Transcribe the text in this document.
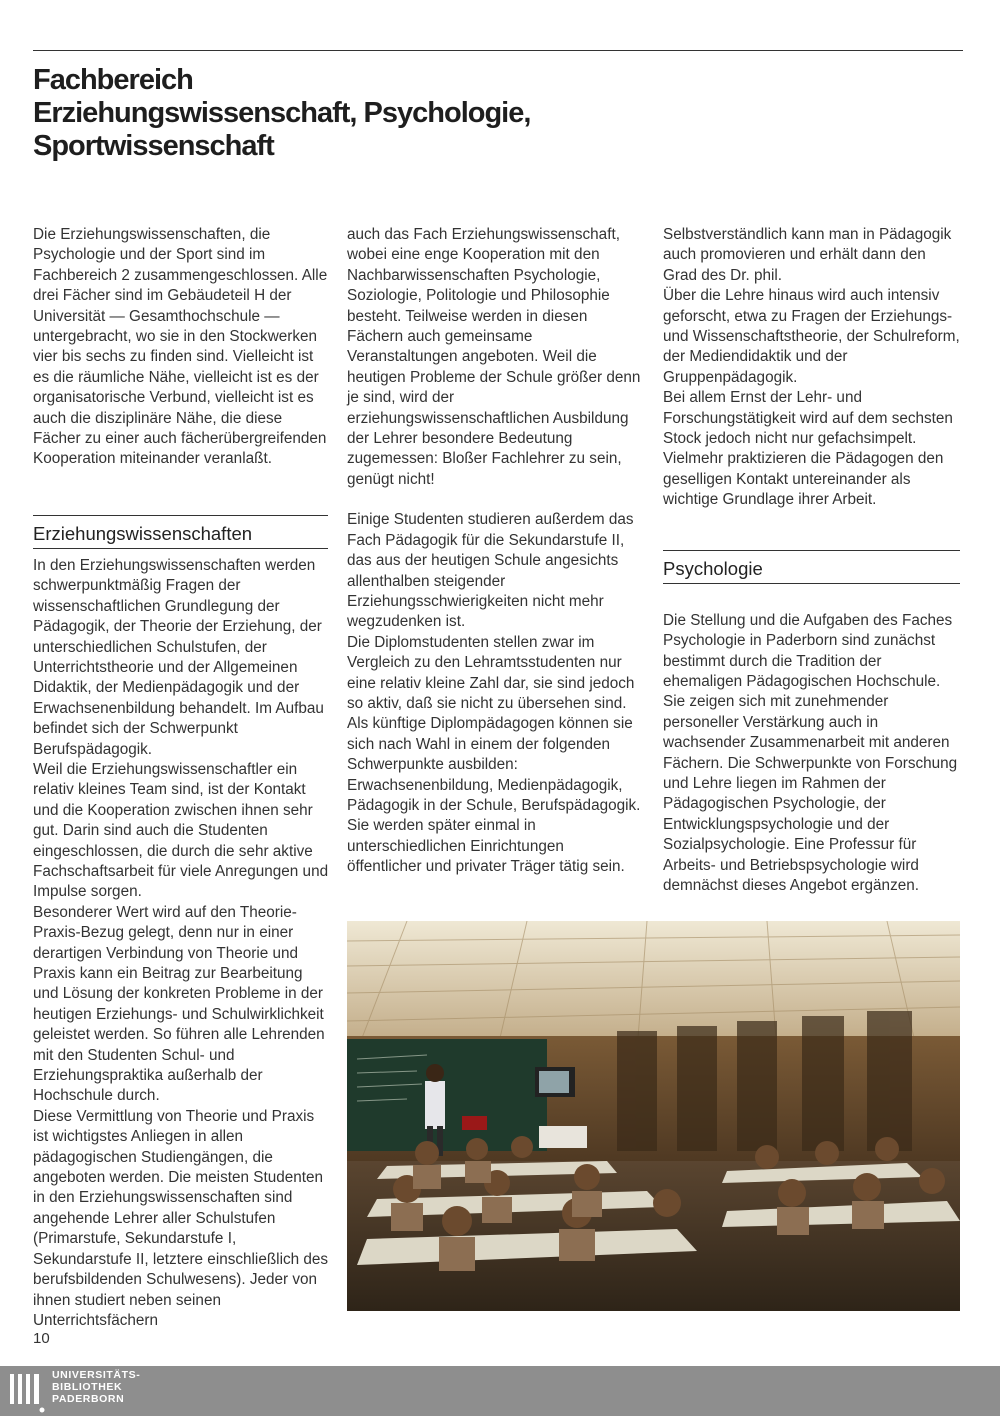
Fachbereich
Erziehungswissenschaft, Psychologie,
Sportwissenschaft

Die Erziehungswissenschaften, die Psychologie und der Sport sind im Fachbereich 2 zusammengeschlossen. Alle drei Fächer sind im Gebäudeteil H der Universität — Gesamthochschule — untergebracht, wo sie in den Stockwerken vier bis sechs zu finden sind. Vielleicht ist es die räumliche Nähe, vielleicht ist es der organisatorische Verbund, vielleicht ist es auch die disziplinäre Nähe, die diese Fächer zu einer auch fächerübergreifenden Kooperation miteinander veranlaßt.

In den Erziehungswissenschaften werden schwerpunktmäßig Fragen der wissenschaftlichen Grundlegung der Pädagogik, der Theorie der Erziehung, der unterschiedlichen Schulstufen, der Unterrichtstheorie und der Allgemeinen Didaktik, der Medienpädagogik und der Erwachsenenbildung behandelt. Im Aufbau befindet sich der Schwerpunkt Berufspädagogik.

Weil die Erziehungswissenschaftler ein relativ kleines Team sind, ist der Kontakt und die Kooperation zwischen ihnen sehr gut. Darin sind auch die Studenten eingeschlossen, die durch die sehr aktive Fachschaftsarbeit für viele Anregungen und Impulse sorgen.

Besonderer Wert wird auf den Theorie-Praxis-Bezug gelegt, denn nur in einer derartigen Verbindung von Theorie und Praxis kann ein Beitrag zur Bearbeitung und Lösung der konkreten Probleme in der heutigen Erziehungs- und Schulwirklichkeit geleistet werden. So führen alle Lehrenden mit den Studenten Schul- und Erziehungspraktika außerhalb der Hochschule durch.

Diese Vermittlung von Theorie und Praxis ist wichtigstes Anliegen in allen pädagogischen Studiengängen, die angeboten werden. Die meisten Studenten in den Erziehungswissenschaften sind angehende Lehrer aller Schulstufen (Primarstufe, Sekundarstufe I, Sekundarstufe II, letztere einschließlich des berufsbildenden Schulwesens). Jeder von ihnen studiert neben seinen Unterrichtsfächern

Erziehungswissenschaften

auch das Fach Erziehungswissenschaft, wobei eine enge Kooperation mit den Nachbarwissenschaften Psychologie, Soziologie, Politologie und Philosophie besteht. Teilweise werden in diesen Fächern auch gemeinsame Veranstaltungen angeboten. Weil die heutigen Probleme der Schule größer denn je sind, wird der erziehungswissenschaftlichen Ausbildung der Lehrer besondere Bedeutung zugemessen: Bloßer Fachlehrer zu sein, genügt nicht!

Einige Studenten studieren außerdem das Fach Pädagogik für die Sekundarstufe II, das aus der heutigen Schule angesichts allenthalben steigender Erziehungsschwierigkeiten nicht mehr wegzudenken ist.

Die Diplomstudenten stellen zwar im Vergleich zu den Lehramtsstudenten nur eine relativ kleine Zahl dar, sie sind jedoch so aktiv, daß sie nicht zu übersehen sind. Als künftige Diplompädagogen können sie sich nach Wahl in einem der folgenden Schwerpunkte ausbilden: Erwachsenenbildung, Medienpädagogik, Pädagogik in der Schule, Berufspädagogik. Sie werden später einmal in unterschiedlichen Einrichtungen öffentlicher und privater Träger tätig sein.

Selbstverständlich kann man in Pädagogik auch promovieren und erhält dann den Grad des Dr. phil.

Über die Lehre hinaus wird auch intensiv geforscht, etwa zu Fragen der Erziehungs- und Wissenschaftstheorie, der Schulreform, der Mediendidaktik und der Gruppenpädagogik.

Bei allem Ernst der Lehr- und Forschungstätigkeit wird auf dem sechsten Stock jedoch nicht nur gefachsimpelt. Vielmehr praktizieren die Pädagogen den geselligen Kontakt untereinander als wichtige Grundlage ihrer Arbeit.

Die Stellung und die Aufgaben des Faches Psychologie in Paderborn sind zunächst bestimmt durch die Tradition der ehemaligen Pädagogischen Hochschule. Sie zeigen sich mit zunehmender personeller Verstärkung auch in wachsender Zusammenarbeit mit anderen Fächern. Die Schwerpunkte von Forschung und Lehre liegen im Rahmen der Pädagogischen Psychologie, der Entwicklungspsychologie und der Sozialpsychologie. Eine Professur für Arbeits- und Betriebspsychologie wird demnächst dieses Angebot ergänzen.

Psychologie
10
UNIVERSITÄTS-
BIBLIOTHEK
PADERBORN
